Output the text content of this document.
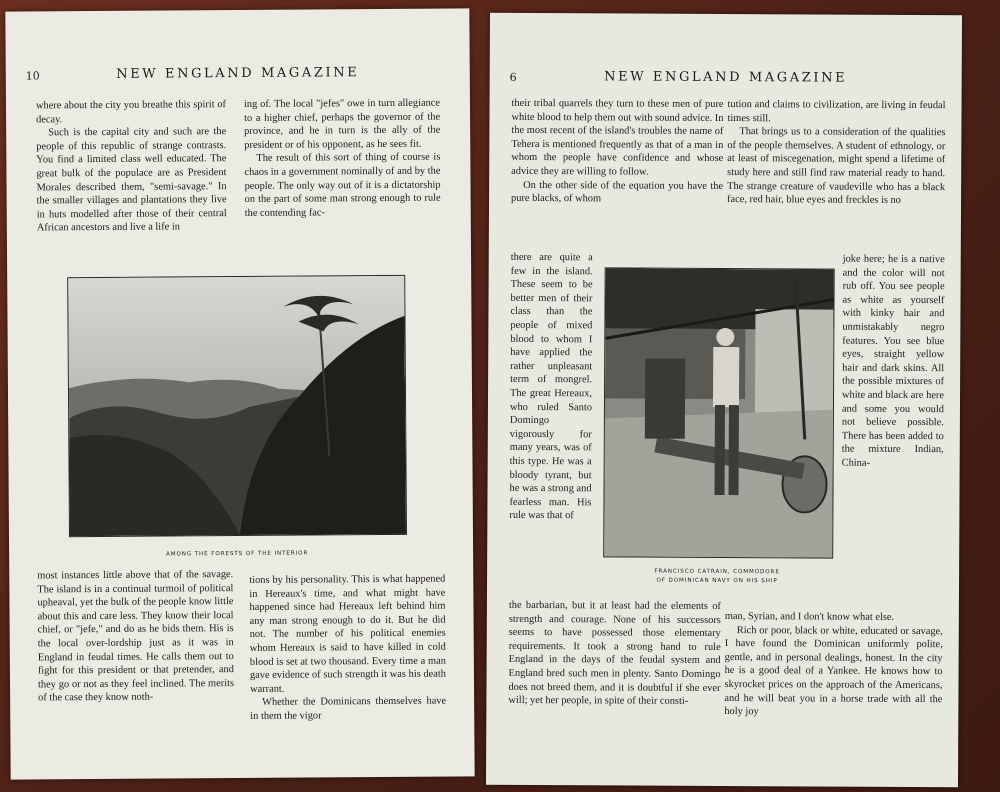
10	NEW ENGLAND MAGAZINE

where about the city you breathe this spirit of decay.

Such is the capital city and such are the people of this republic of strange contrasts. You find a limited class well educated. The great bulk of the populace are as President Morales described them, "semi-savage." In the smaller villages and plantations they live in huts modelled after those of their central African ancestors and live a life in

ing of. The local "jefes" owe in turn allegiance to a higher chief, perhaps the governor of the province, and he in turn is the ally of the president or of his opponent, as he sees fit.

The result of this sort of thing of course is chaos in a government nominally of and by the people. The only way out of it is a dictatorship on the part of some man strong enough to rule the contending fac-

AMONG THE FORESTS OF THE INTERIOR

most instances little above that of the savage. The island is in a continual turmoil of political upheaval, yet the bulk of the people know little about this and care less. They know their local chief, or "jefe," and do as he bids them. His is the local over-lordship just as it was in England in feudal times. He calls them out to fight for this president or that pretender, and they go or not as they feel inclined. The merits of the case they know noth-

tions by his personality. This is what happened in Hereaux's time, and what might have happened since had Hereaux left behind him any man strong enough to do it. But he did not. The number of his political enemies whom Hereaux is said to have killed in cold blood is set at two thousand. Every time a man gave evidence of such strength it was his death warrant.

Whether the Dominicans themselves have in them the vigor

6	NEW ENGLAND MAGAZINE

their tribal quarrels they turn to these men of pure white blood to help them out with sound advice. In the most recent of the island's troubles the name of Tehera is mentioned frequently as that of a man in whom the people have confidence and whose advice they are willing to follow.

On the other side of the equation you have the pure blacks, of whom

tution and claims to civilization, are living in feudal times still.

That brings us to a consideration of the qualities of the people themselves. A student of ethnology, or at least of miscegenation, might spend a lifetime of study here and still find raw material ready to hand. The strange creature of vaudeville who has a black face, red hair, blue eyes and freckles is no

there are quite a few in the island. These seem to be better men of their class than the people of mixed blood to whom I have applied the rather unpleasant term of mongrel. The great Hereaux, who ruled Santo Domingo vigorously for many years, was of this type. He was a bloody tyrant, but he was a strong and fearless man. His rule was that of

FRANCISCO CATRAIN, COMMODORE
OF DOMINICAN NAVY ON HIS SHIP

joke here; he is a native and the color will not rub off. You see people as white as yourself with kinky hair and unmistakably negro features. You see blue eyes, straight yellow hair and dark skins. All the possible mixtures of white and black are here and some you would not believe possible. There has been added to the mixture Indian, China-

the barbarian, but it at least had the elements of strength and courage. None of his successors seems to have possessed those elementary requirements. It took a strong hand to rule England in the days of the feudal system and England bred such men in plenty. Santo Domingo does not breed them, and it is doubtful if she ever will; yet her people, in spite of their consti-

man, Syrian, and I don't know what else.

Rich or poor, black or white, educated or savage, I have found the Dominican uniformly polite, gentle, and in personal dealings, honest. In the city he is a good deal of a Yankee. He knows how to skyrocket prices on the approach of the Americans, and he will beat you in a horse trade with all the holy joy
